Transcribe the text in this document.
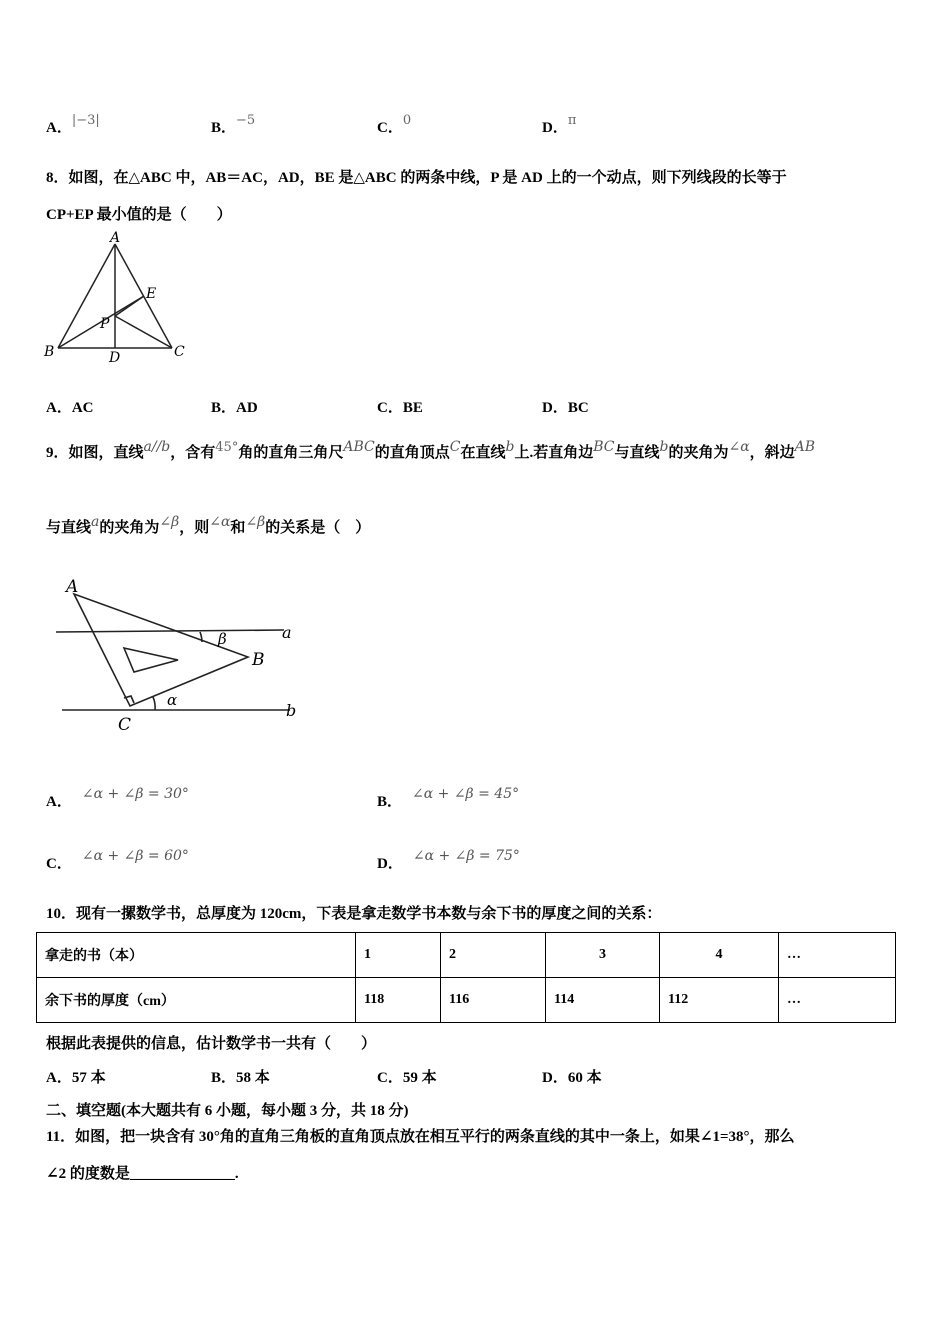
A．|−3|	B．−5	C．0	D．π
8．如图，在△ABC 中，AB＝AC，AD，BE 是△ABC 的两条中线，P 是 AD 上的一个动点，则下列线段的长等于
CP+EP 最小值的是（　　）
A
B	C
D
E
P
A．AC	B．AD	C．BE	D．BC
9．如图，直线a//b，含有45°角的直角三角尺ABC的直角顶点C在直线b上.若直角边BC与直线b的夹角为∠α，斜边AB
与直线a的夹角为∠β，则∠α和∠β的关系是（　）
A
B
C
a
b
α
β
A． ∠α + ∠β = 30°	B． ∠α + ∠β = 45°
C． ∠α + ∠β = 60°	D． ∠α + ∠β = 75°
10．现有一摞数学书，总厚度为 120cm，下表是拿走数学书本数与余下书的厚度之间的关系：
拿走的书（本）	1	2	3	4	…
余下书的厚度（cm）	118	116	114	112	…
根据此表提供的信息，估计数学书一共有（　　）
A．57 本	B．58 本	C．59 本	D．60 本
二、填空题(本大题共有 6 小题，每小题 3 分，共 18 分)
11．如图，把一块含有 30°角的直角三角板的直角顶点放在相互平行的两条直线的其中一条上，如果∠1=38°，那么
∠2 的度数是______________.
